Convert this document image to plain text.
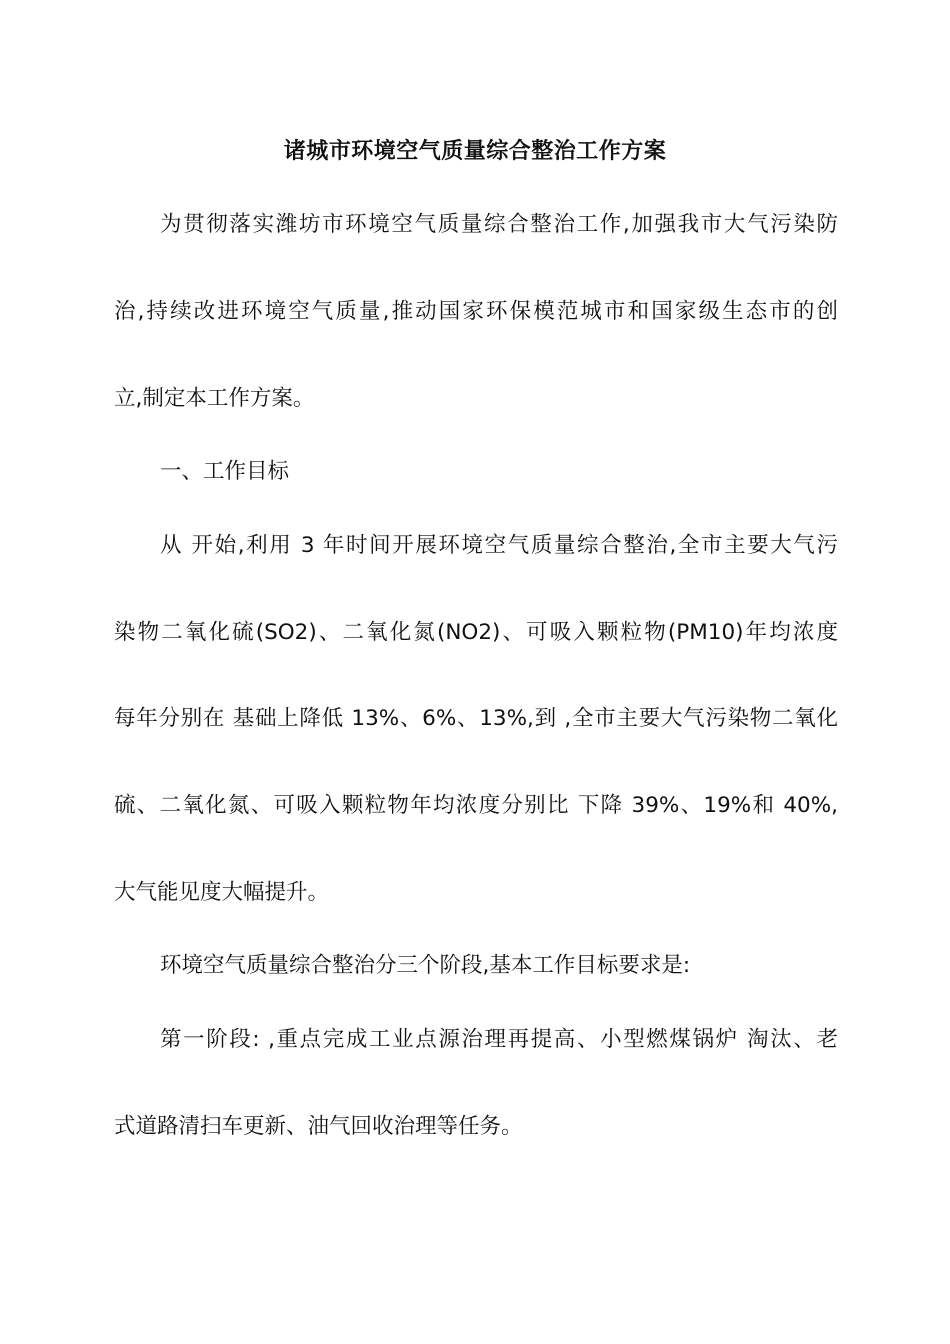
诸城市环境空气质量综合整治工作方案
为贯彻落实潍坊市环境空气质量综合整治工作,加强我市大气污染防
治,持续改进环境空气质量,推动国家环保模范城市和国家级生态市的创
立,制定本工作方案。
一、工作目标
从 开始,利用 3 年时间开展环境空气质量综合整治,全市主要大气污
染物二氧化硫(SO2)、二氧化氮(NO2)、可吸入颗粒物(PM10)年均浓度
每年分别在 基础上降低 13%、6%、13%,到 ,全市主要大气污染物二氧化
硫、二氧化氮、可吸入颗粒物年均浓度分别比 下降 39%、19%和 40%,
大气能见度大幅提升。
环境空气质量综合整治分三个阶段,基本工作目标要求是:
第一阶段: ,重点完成工业点源治理再提高、小型燃煤锅炉 淘汰、老
式道路清扫车更新、油气回收治理等任务。
